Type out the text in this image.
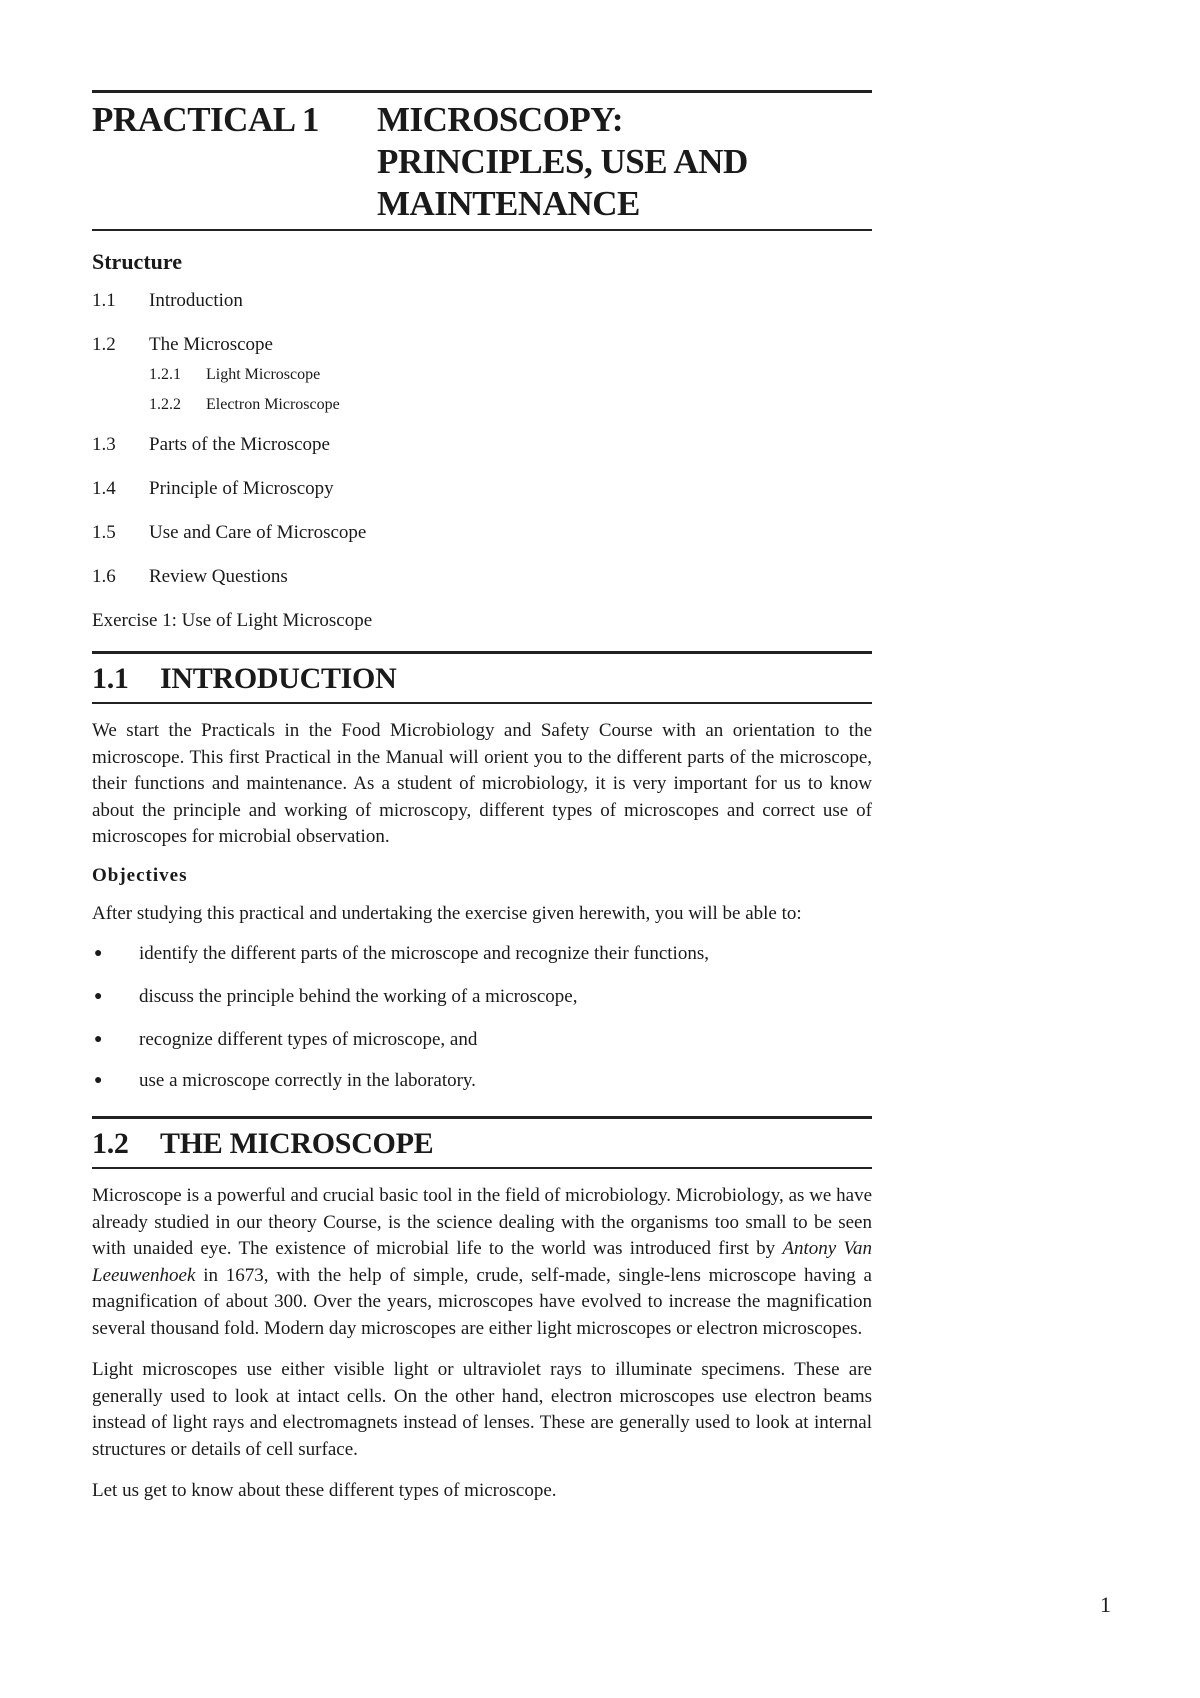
PRACTICAL 1	MICROSCOPY:
PRINCIPLES, USE AND
MAINTENANCE
Structure
1.1	Introduction
1.2	The Microscope
1.2.1	Light Microscope
1.2.2	Electron Microscope
1.3	Parts of the Microscope
1.4	Principle of Microscopy
1.5	Use and Care of Microscope
1.6	Review Questions
Exercise 1: Use of Light Microscope
1.1	INTRODUCTION
We start the Practicals in the Food Microbiology and Safety Course with an orientation to the microscope. This first Practical in the Manual will orient you to the different parts of the microscope, their functions and maintenance. As a student of microbiology, it is very important for us to know about the principle and working of microscopy, different types of microscopes and correct use of microscopes for microbial observation.
Objectives
After studying this practical and undertaking the exercise given herewith, you will be able to:
●	identify the different parts of the microscope and recognize their functions,
●	discuss the principle behind the working of a microscope,
●	recognize different types of microscope, and
●	use a microscope correctly in the laboratory.
1.2	THE MICROSCOPE
Microscope is a powerful and crucial basic tool in the field of microbiology. Microbiology, as we have already studied in our theory Course, is the science dealing with the organisms too small to be seen with unaided eye. The existence of microbial life to the world was introduced first by Antony Van Leeuwenhoek in 1673, with the help of simple, crude, self-made, single-lens microscope having a magnification of about 300. Over the years, microscopes have evolved to increase the magnification several thousand fold. Modern day microscopes are either light microscopes or electron microscopes.
Light microscopes use either visible light or ultraviolet rays to illuminate specimens. These are generally used to look at intact cells. On the other hand, electron microscopes use electron beams instead of light rays and electromagnets instead of lenses. These are generally used to look at internal structures or details of cell surface.
Let us get to know about these different types of microscope.
1
